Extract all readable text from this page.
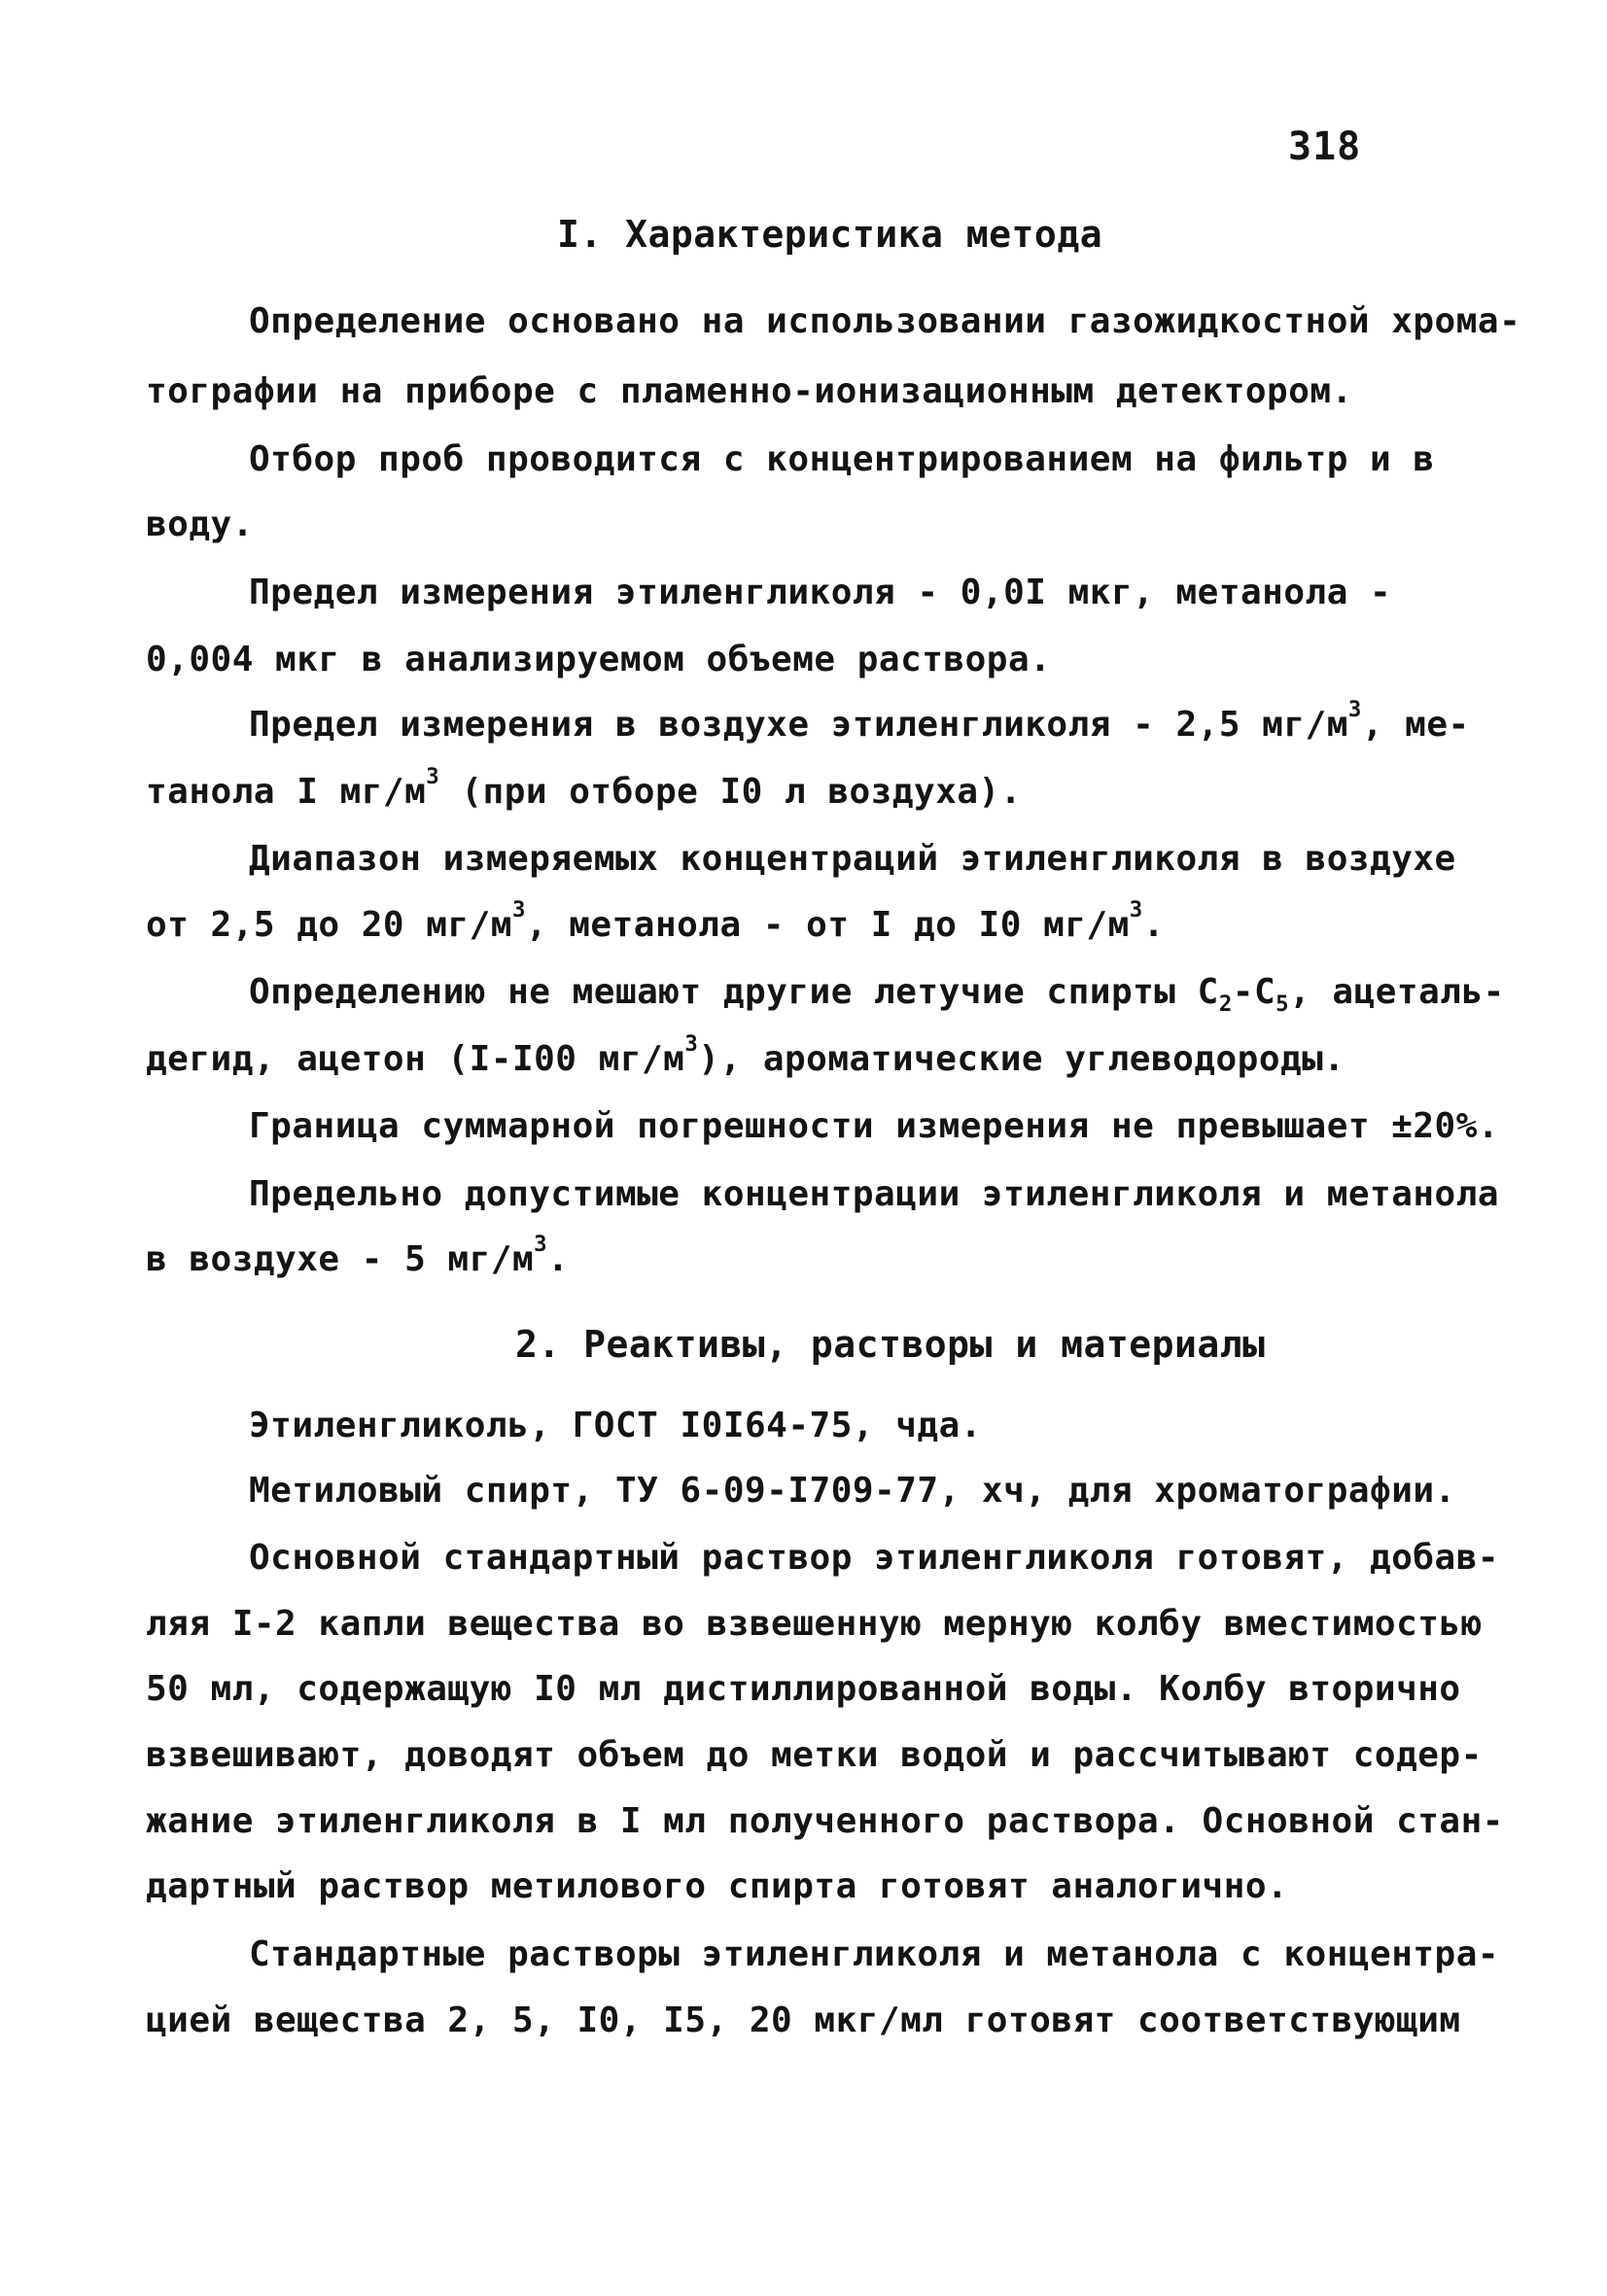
318
I. Характеристика метода
Определение основано на использовании газожидкостной хрома-
тографии на приборе с пламенно-ионизационным детектором.
Отбор проб проводится с концентрированием на фильтр и в
воду.
Предел измерения этиленгликоля - 0,0I мкг, метанола -
0,004 мкг в анализируемом объеме раствора.
Предел измерения в воздухе этиленгликоля - 2,5 $мг/м^3$, ме-
танола I $мг/м^3$ (при отборе I0 л воздуха).
Диапазон измеряемых концентраций этиленгликоля в воздухе
от 2,5 до 20 $мг/м^3$, метанола - от I до I0 $мг/м^3$.
Определению не мешают другие летучие спирты $С_2-С_5$, ацеталь-
дегид, ацетон (I-I00 $мг/м^3$), ароматические углеводороды.
Граница суммарной погрешности измерения не превышает ±20%.
Предельно допустимые концентрации этиленгликоля и метанола
в воздухе - 5 $мг/м^3$.
2. Реактивы, растворы и материалы
Этиленгликоль, ГОСТ I0I64-75, чда.
Метиловый спирт, ТУ 6-09-I709-77, хч, для хроматографии.
Основной стандартный раствор этиленгликоля готовят, добав-
ляя I-2 капли вещества во взвешенную мерную колбу вместимостью
50 мл, содержащую I0 мл дистиллированной воды. Колбу вторично
взвешивают, доводят объем до метки водой и рассчитывают содер-
жание этиленгликоля в I мл полученного раствора. Основной стан-
дартный раствор метилового спирта готовят аналогично.
Стандартные растворы этиленгликоля и метанола с концентра-
цией вещества 2, 5, I0, I5, 20 мкг/мл готовят соответствующим
